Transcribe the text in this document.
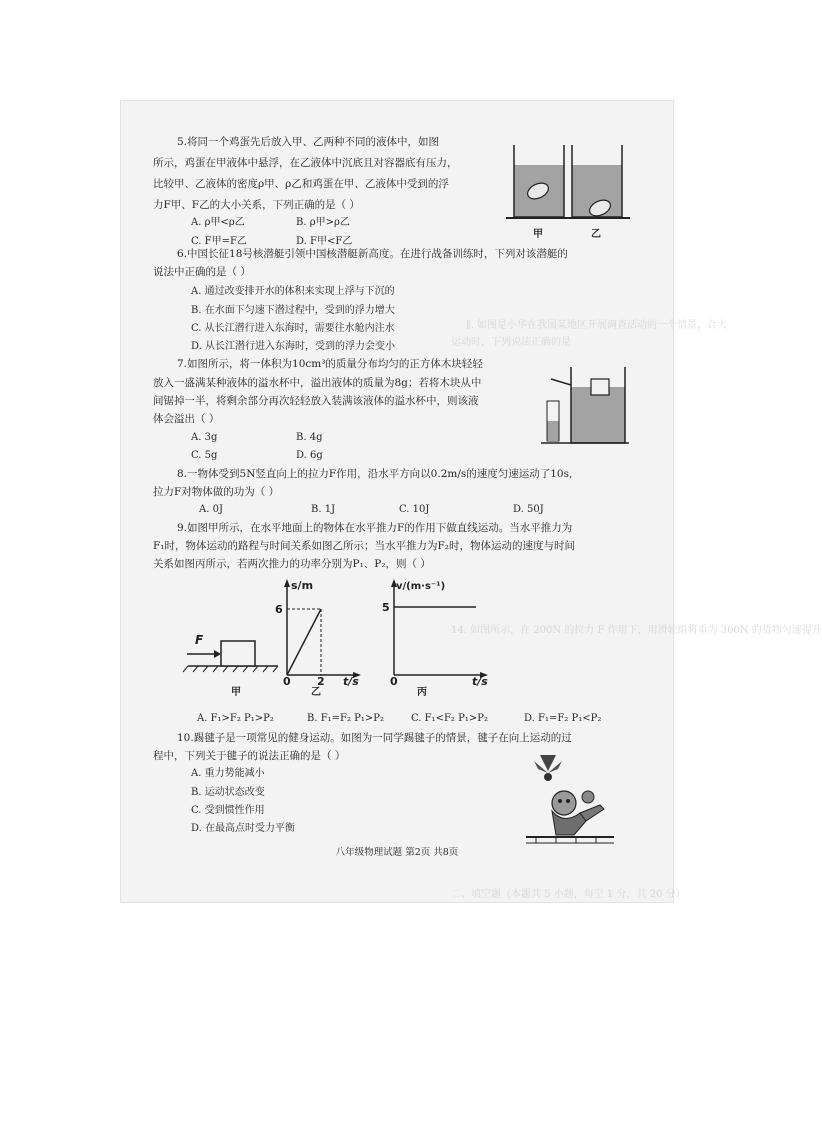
∥. 如图是小华在我国某地区开展调查活动的一个情景，合大
运动时，下列说法正确的是
14. 如图所示，在 200N 的拉力 F 作用下，用滑轮组将重为 300N 的货物匀速提升
二、填空题（本题共 5 小题，每空 1 分，共 20 分）
5.将同一个鸡蛋先后放入甲、乙两种不同的液体中，如图
所示，鸡蛋在甲液体中悬浮，在乙液体中沉底且对容器底有压力，
比较甲、乙液体的密度ρ甲、ρ乙和鸡蛋在甲、乙液体中受到的浮
力F甲、F乙的大小关系，下列正确的是（ ）
A. ρ甲<ρ乙	B. ρ甲>ρ乙
C. F甲=F乙	D. F甲<F乙
甲	乙
6.中国长征18号核潜艇引领中国核潜艇新高度。在进行战备训练时，下列对该潜艇的
说法中正确的是（ ）
A. 通过改变排开水的体积来实现上浮与下沉的
B. 在水面下匀速下潜过程中，受到的浮力增大
C. 从长江潜行进入东海时，需要往水舱内注水
D. 从长江潜行进入东海时，受到的浮力会变小
7.如图所示，将一体积为10cm³的质量分布均匀的正方体木块轻轻
放入一盛满某种液体的溢水杯中，溢出液体的质量为8g；若将木块从中
间锯掉一半，将剩余部分再次轻轻放入装满该液体的溢水杯中，则该液
体会溢出（ ）
A. 3g	B. 4g
C. 5g	D. 6g
8.一物体受到5N竖直向上的拉力F作用，沿水平方向以0.2m/s的速度匀速运动了10s,
拉力F对物体做的功为（ ）
A. 0J	B. 1J	C. 10J	D. 50J
9.如图甲所示，在水平地面上的物体在水平推力F的作用下做直线运动。当水平推力为
F₁时，物体运动的路程与时间关系如图乙所示；当水平推力为F₂时，物体运动的速度与时间
关系如图丙所示，若两次推力的功率分别为P₁、P₂，则（ ）
F
甲
s/m
6
0 2 t/s
乙
v/(m·s⁻¹)
5
0	t/s
丙
A. F₁>F₂ P₁>P₂	B. F₁=F₂ P₁>P₂	C. F₁<F₂ P₁>P₂	D. F₁=F₂ P₁<P₂
10.踢毽子是一项常见的健身运动。如图为一同学踢毽子的情景，毽子在向上运动的过
程中，下列关于毽子的说法正确的是（ ）
A. 重力势能减小
B. 运动状态改变
C. 受到惯性作用
D. 在最高点时受力平衡
八年级物理试题 第2页 共8页
